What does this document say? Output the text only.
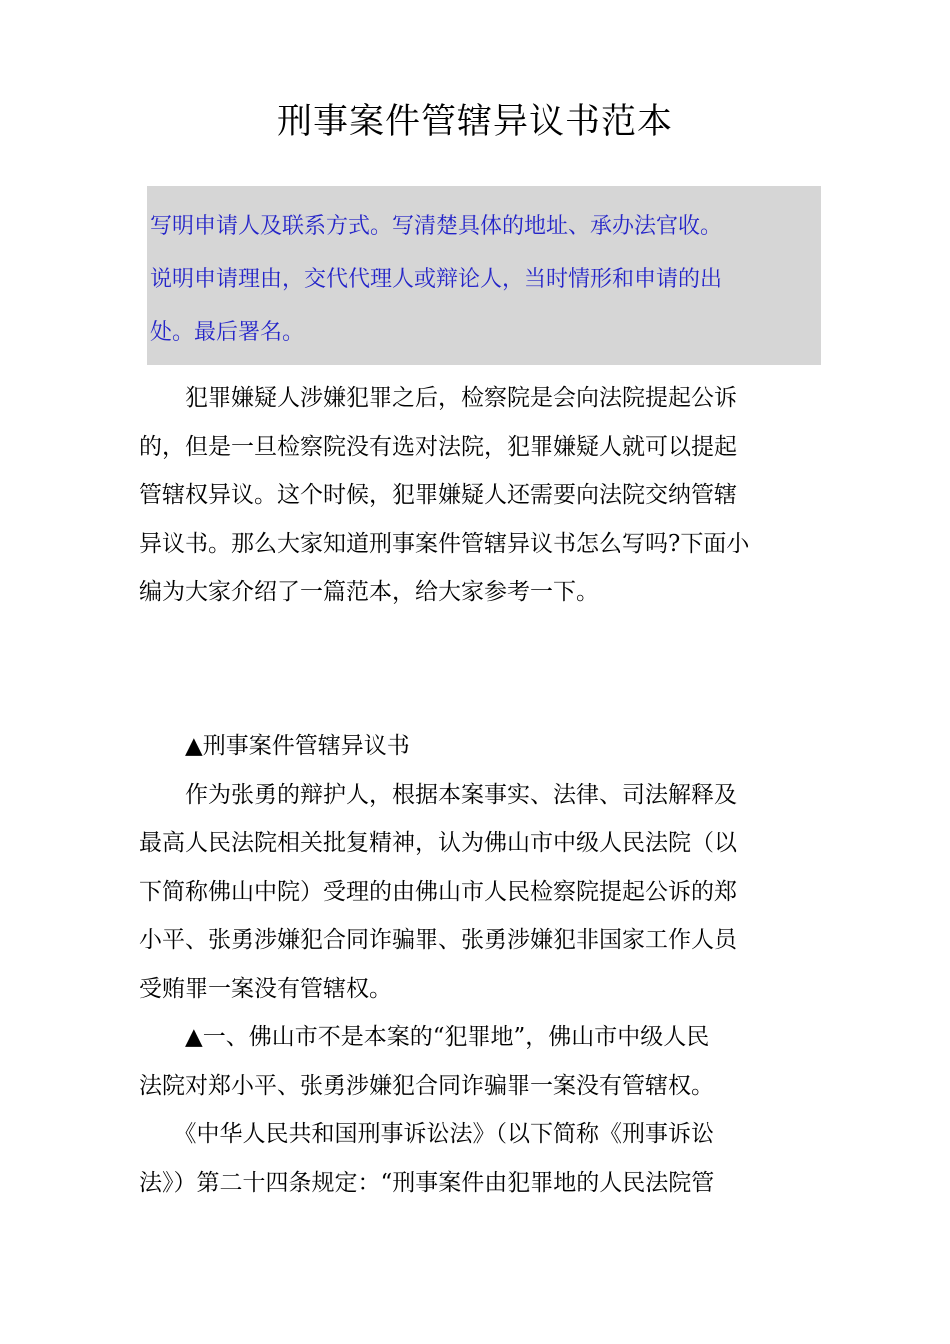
刑事案件管辖异议书范本

写明申请人及联系方式。写清楚具体的地址、承办法官收。

说明申请理由，交代代理人或辩论人，当时情形和申请的出

处。最后署名。

　　犯罪嫌疑人涉嫌犯罪之后，检察院是会向法院提起公诉
的，但是一旦检察院没有选对法院，犯罪嫌疑人就可以提起
管辖权异议。这个时候，犯罪嫌疑人还需要向法院交纳管辖
异议书。那么大家知道刑事案件管辖异议书怎么写吗?下面小
编为大家介绍了一篇范本，给大家参考一下。
　　▲刑事案件管辖异议书
　　作为张勇的辩护人，根据本案事实、法律、司法解释及
最高人民法院相关批复精神，认为佛山市中级人民法院（以
下简称佛山中院）受理的由佛山市人民检察院提起公诉的郑
小平、张勇涉嫌犯合同诈骗罪、张勇涉嫌犯非国家工作人员
受贿罪一案没有管辖权。
　　▲一、佛山市不是本案的“犯罪地”，佛山市中级人民
法院对郑小平、张勇涉嫌犯合同诈骗罪一案没有管辖权。
　　《中华人民共和国刑事诉讼法》（以下简称《刑事诉讼
法》）第二十四条规定：“刑事案件由犯罪地的人民法院管
